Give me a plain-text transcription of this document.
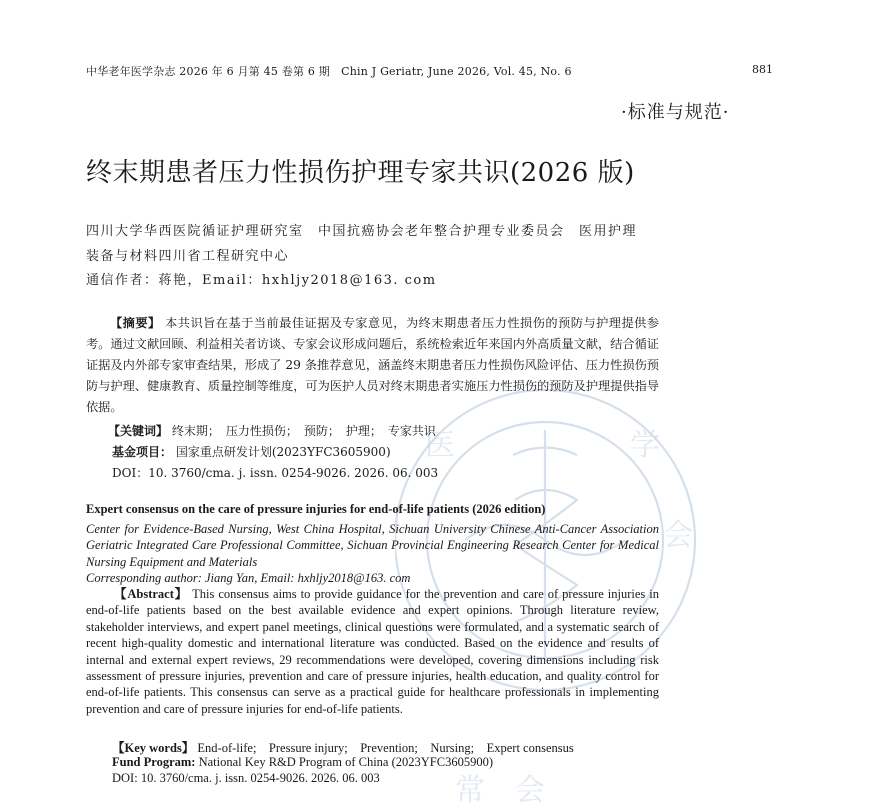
医	学
会
会
常
中华老年医学杂志 2026 年 6 月第 45 卷第 6 期　Chin J Geriatr, June 2026, Vol. 45, No. 6	881
·标准与规范·
终末期患者压力性损伤护理专家共识(2026 版)
四川大学华西医院循证护理研究室　中国抗癌协会老年整合护理专业委员会　医用护理
装备与材料四川省工程研究中心
通信作者：蒋艳，Email：hxhljy2018@163. com

【摘要】 本共识旨在基于当前最佳证据及专家意见，为终末期患者压力性损伤的预防与护理提供参考。通过文献回顾、利益相关者访谈、专家会议形成问题后，系统检索近年来国内外高质量文献，结合循证证据及内外部专家审查结果，形成了 29 条推荐意见，涵盖终末期患者压力性损伤风险评估、压力性损伤预防与护理、健康教育、质量控制等维度，可为医护人员对终末期患者实施压力性损伤的预防及护理提供指导依据。

【关键词】 终末期；　压力性损伤；　预防；　护理；　专家共识
基金项目： 国家重点研发计划(2023YFC3605900)
DOI：10. 3760/cma. j. issn. 0254-9026. 2026. 06. 003
Expert consensus on the care of pressure injuries for end-of-life patients (2026 edition)
Center for Evidence-Based Nursing, West China Hospital, Sichuan University Chinese Anti-Cancer Association Geriatric Integrated Care Professional Committee, Sichuan Provincial Engineering Research Center for Medical Nursing Equipment and Materials
Corresponding author: Jiang Yan, Email: hxhljy2018@163. com

【Abstract】 This consensus aims to provide guidance for the prevention and care of pressure injuries in end-of-life patients based on the best available evidence and expert opinions. Through literature review, stakeholder interviews, and expert panel meetings, clinical questions were formulated, and a systematic search of recent high-quality domestic and international literature was conducted. Based on the evidence and results of internal and external expert reviews, 29 recommendations were developed, covering dimensions including risk assessment of pressure injuries, prevention and care of pressure injuries, health education, and quality control for end-of-life patients. This consensus can serve as a practical guide for healthcare professionals in implementing prevention and care of pressure injuries for end-of-life patients.

【Key words】 End-of-life;　Pressure injury;　Prevention;　Nursing;　Expert consensus
Fund Program: National Key R&D Program of China (2023YFC3605900)
DOI: 10. 3760/cma. j. issn. 0254-9026. 2026. 06. 003
